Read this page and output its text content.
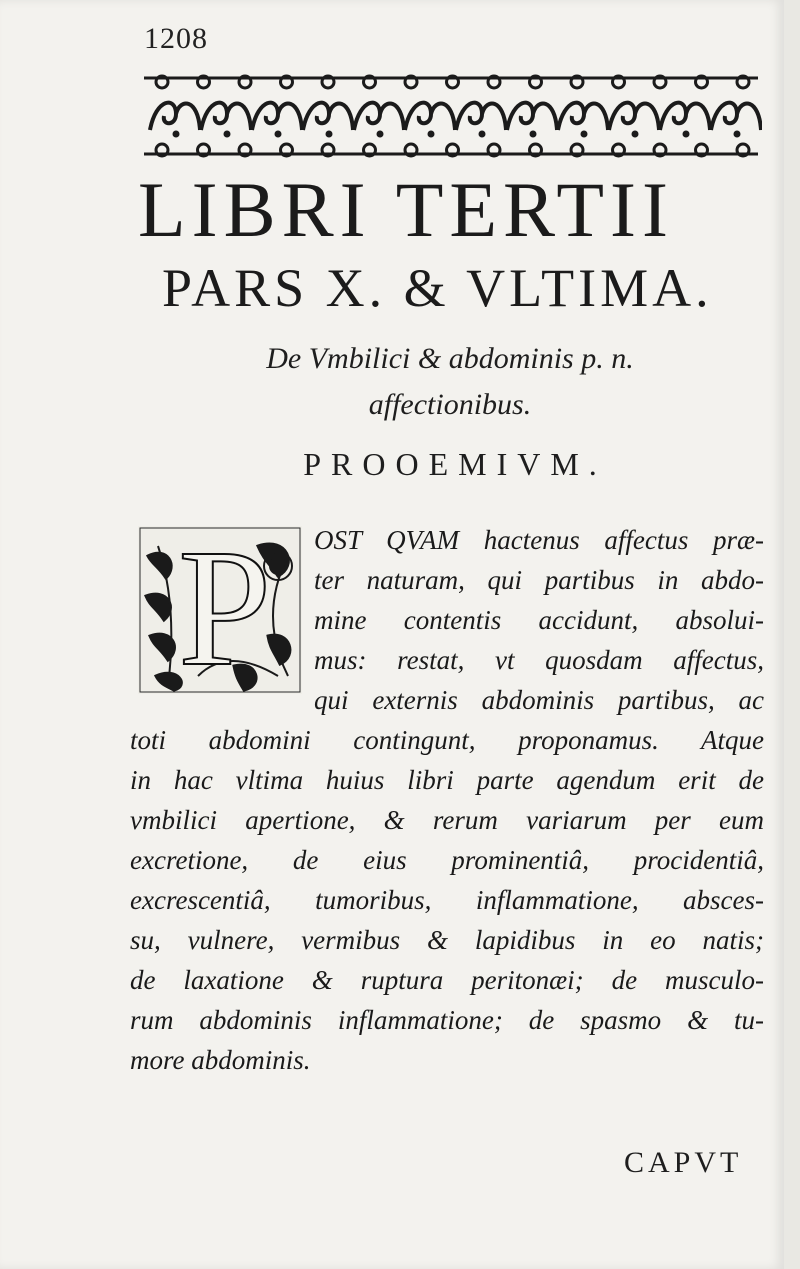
1208
LIBRI TERTII
PARS X. & VLTIMA.
De Vmbilici & abdominis p. n.
affectionibus.
PROOEMIVM.
P	OST QVAM hactenus affectus præ-
ter naturam, qui partibus in abdo-
mine contentis accidunt, absolui-
mus: restat, vt quosdam affectus,
qui externis abdominis partibus, ac
toti abdomini contingunt, proponamus. Atque
in hac vltima huius libri parte agendum erit de
vmbilici apertione, & rerum variarum per eum
excretione, de eius prominentiâ, procidentiâ,
excrescentiâ, tumoribus, inflammatione, absces-
su, vulnere, vermibus & lapidibus in eo natis;
de laxatione & ruptura peritonæi; de musculo-
rum abdominis inflammatione; de spasmo & tu-
more abdominis.
CAPVT
